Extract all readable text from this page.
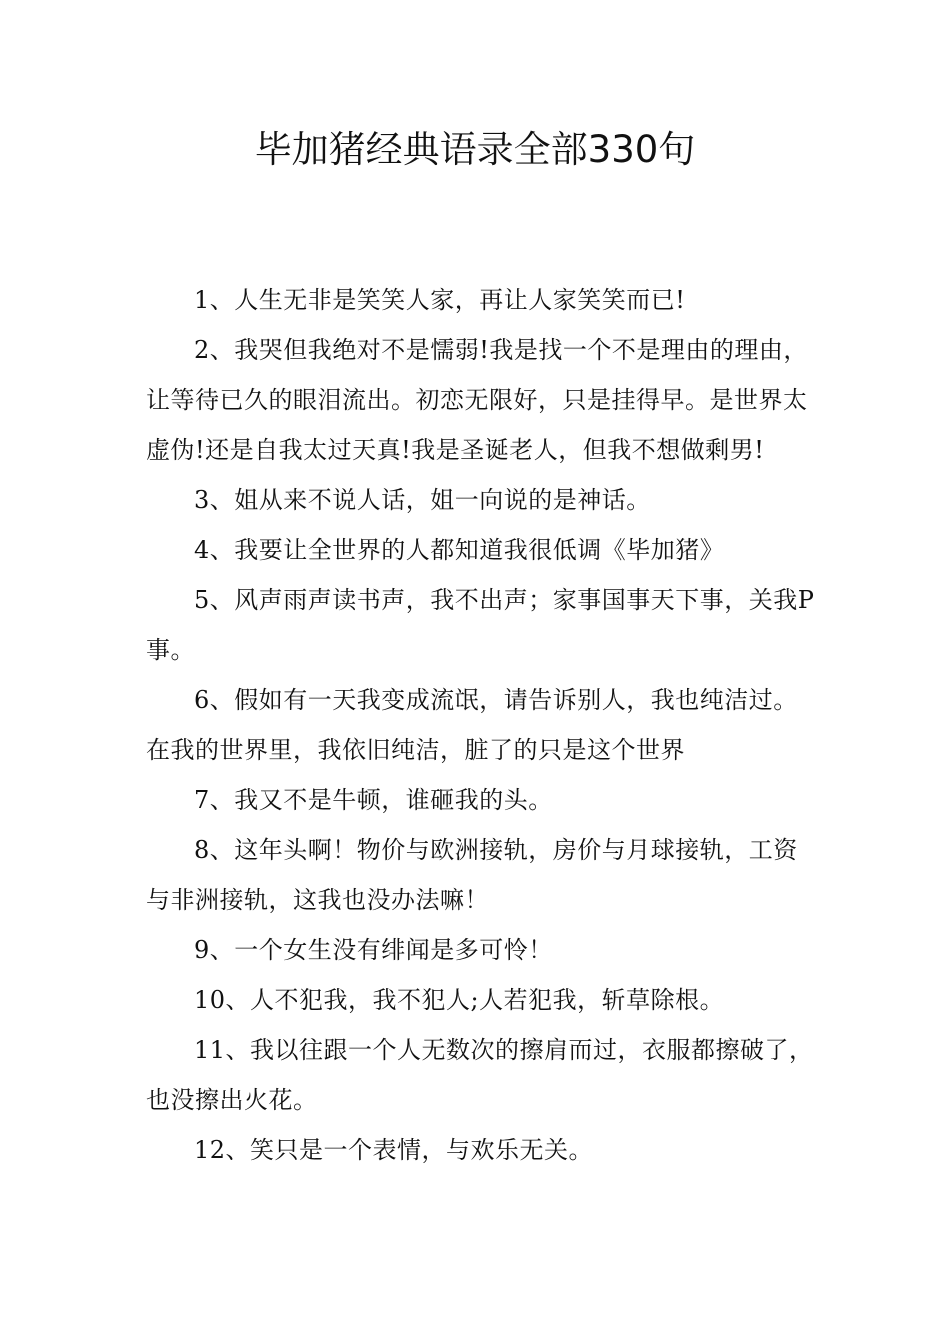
毕加猪经典语录全部330句

1、人生无非是笑笑人家，再让人家笑笑而已!

2、我哭但我绝对不是懦弱!我是找一个不是理由的理由，让等待已久的眼泪流出。初恋无限好，只是挂得早。是世界太虚伪!还是自我太过天真!我是圣诞老人，但我不想做剩男!

3、姐从来不说人话，姐一向说的是神话。

4、我要让全世界的人都知道我很低调《毕加猪》

5、风声雨声读书声，我不出声；家事国事天下事，关我P事。

6、假如有一天我变成流氓，请告诉别人，我也纯洁过。在我的世界里，我依旧纯洁，脏了的只是这个世界

7、我又不是牛顿，谁砸我的头。

8、这年头啊！物价与欧洲接轨，房价与月球接轨，工资与非洲接轨，这我也没办法嘛！

9、一个女生没有绯闻是多可怜！

10、人不犯我，我不犯人;人若犯我，斩草除根。

11、我以往跟一个人无数次的擦肩而过，衣服都擦破了，也没擦出火花。

12、笑只是一个表情，与欢乐无关。
